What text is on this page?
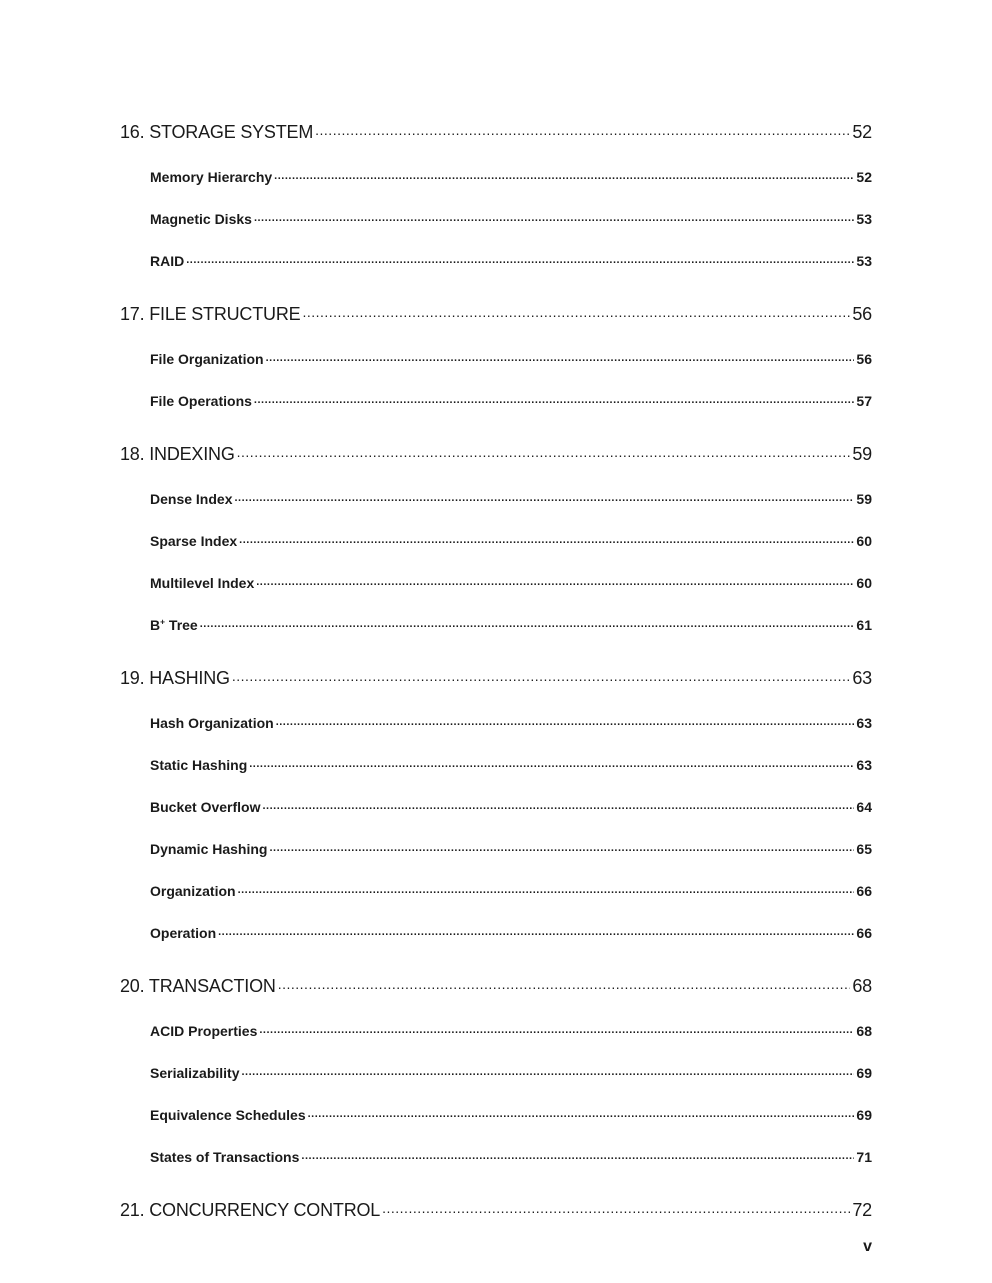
16. STORAGE SYSTEM .....	52
Memory Hierarchy .....	52
Magnetic Disks .....	53
RAID .....	53
17. FILE STRUCTURE .....	56
File Organization .....	56
File Operations .....	57
18. INDEXING .....	59
Dense Index .....	59
Sparse Index .....	60
Multilevel Index .....	60
B+ Tree .....	61
19. HASHING .....	63
Hash Organization .....	63
Static Hashing .....	63
Bucket Overflow .....	64
Dynamic Hashing .....	65
Organization .....	66
Operation .....	66
20. TRANSACTION .....	68
ACID Properties .....	68
Serializability .....	69
Equivalence Schedules .....	69
States of Transactions .....	71
21. CONCURRENCY CONTROL .....	72
v
